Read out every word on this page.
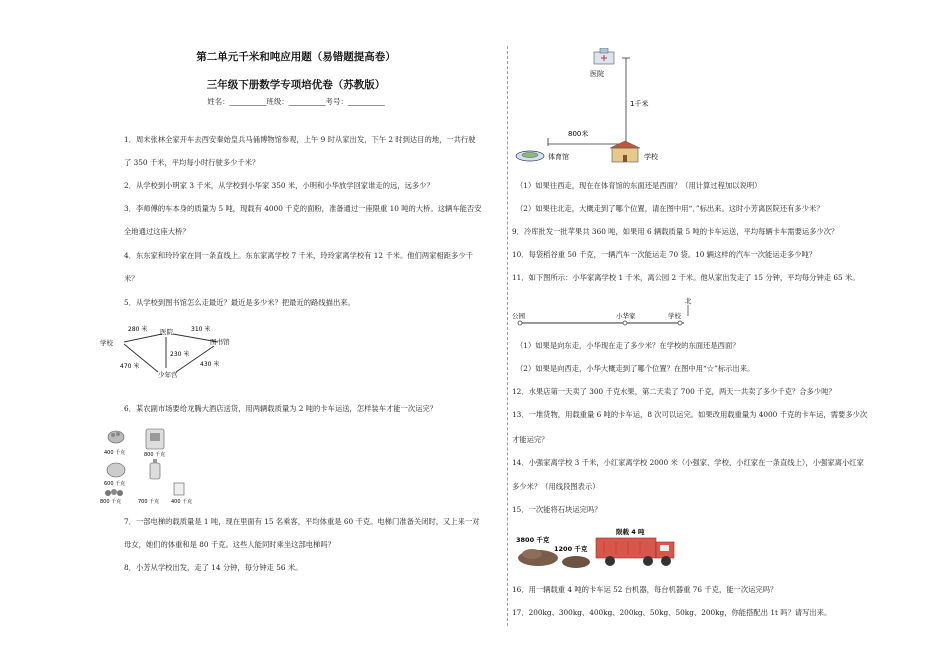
第二单元千米和吨应用题（易错题提高卷）
三年级下册数学专项培优卷（苏教版）
姓名：__________班级：__________考号：__________
1．周末张林全家开车去西安秦始皇兵马俑博物馆参观，上午 9 时从家出发，下午 2 时到达目的地，一共行驶
了 350 千米，平均每小时行驶多少千米？
2．从学校到小明家 3 千米，从学校到小华家 350 米，小明和小华放学回家谁走的远，远多少？
3．李师傅的车本身的质量为 5 吨，现载有 4000 千克的面粉，准备通过一座限重 10 吨的大桥。这辆车能否安
全地通过这座大桥？
4．东东家和玲玲家在同一条直线上。东东家离学校 7 千米，玲玲家离学校有 12 千米。他们两家相距多少千
米？
5．从学校到图书馆怎么走最近？最近是多少米？把最近的路线描出来。
学校
医院
图书馆
少年宫
280 米	310 米
230 米
470 米	430 米
6．某农副市场要给龙腾大酒店送货，用两辆载质量为 2 吨的卡车运送，怎样装车才能一次运完？
400 千克	800 千克
600 千克
800 千克	700 千克 400 千克
7．一部电梯的载质量是 1 吨，现在里面有 15 名乘客，平均体重是 60 千克。电梯门准备关闭时，又上来一对
母女，她们的体重和是 80 千克。这些人能同时乘坐这部电梯吗？
8．小芳从学校出发，走了 14 分钟，每分钟走 56 米。
医院
1千米
800米
体育馆	学校
（1）如果往西走，现在在体育馆的东面还是西面？（用计算过程加以说明）
（2）如果往北走，大概走到了哪个位置，请在图中用“．”标出来。这时小芳离医院还有多少米？
9．冷库批发一批苹果共 360 吨，如果用 6 辆载质量 5 吨的卡车运送，平均每辆卡车需要运多少次？
10．每袋稻谷重 50 千克，一辆汽车一次能运走 70 袋。10 辆这样的汽车一次能运走多少吨？
11．如下图所示：小华家离学校 1 千米，离公园 2 千米。他从家出发走了 15 分钟，平均每分钟走 65 米。
公园	小华家	学校
北
（1）如果是向东走，小华现在走了多少米？在学校的东面还是西面？
（2）如果是向西走，小华大概走到了哪个位置？在图中用“☆”标示出来。
12．水果店第一天卖了 300 千克水果，第二天卖了 700 千克，两天一共卖了多少千克？合多少吨？
13．一堆货物，用载重量 6 吨的卡车运，8 次可以运完。如果改用载重量为 4000 千克的卡车运，需要多少次
才能运完？
14．小强家离学校 3 千米，小红家离学校 2000 米（小强家、学校、小红家在一条直线上），小强家离小红家
多少米？（用线段图表示）
15．一次能将石块运完吗？
3800 千克
1200 千克
限载 4 吨
16．用一辆载重 4 吨的卡车运 52 台机器，每台机器重 76 千克，能一次运完吗？
17．200kg、300kg、400kg、200kg、50kg、50kg、200kg，你能搭配出 1t 吗？请写出来。
